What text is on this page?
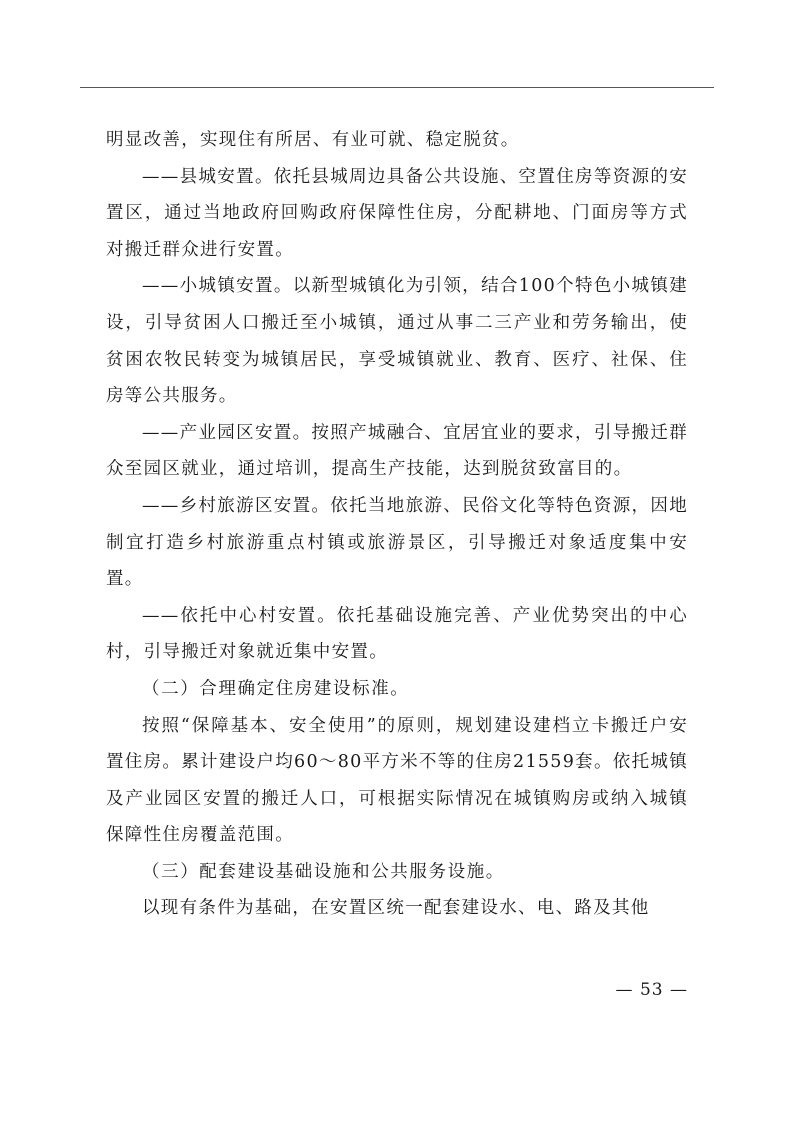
明显改善，实现住有所居、有业可就、稳定脱贫。

——县城安置。依托县城周边具备公共设施、空置住房等资源的安置区，通过当地政府回购政府保障性住房，分配耕地、门面房等方式对搬迁群众进行安置。

——小城镇安置。以新型城镇化为引领，结合100个特色小城镇建设，引导贫困人口搬迁至小城镇，通过从事二三产业和劳务输出，使贫困农牧民转变为城镇居民，享受城镇就业、教育、医疗、社保、住房等公共服务。

——产业园区安置。按照产城融合、宜居宜业的要求，引导搬迁群众至园区就业，通过培训，提高生产技能，达到脱贫致富目的。

——乡村旅游区安置。依托当地旅游、民俗文化等特色资源，因地制宜打造乡村旅游重点村镇或旅游景区，引导搬迁对象适度集中安置。

——依托中心村安置。依托基础设施完善、产业优势突出的中心村，引导搬迁对象就近集中安置。

（二）合理确定住房建设标准。

按照“保障基本、安全使用”的原则，规划建设建档立卡搬迁户安置住房。累计建设户均60～80平方米不等的住房21559套。依托城镇及产业园区安置的搬迁人口，可根据实际情况在城镇购房或纳入城镇保障性住房覆盖范围。

（三）配套建设基础设施和公共服务设施。

以现有条件为基础，在安置区统一配套建设水、电、路及其他

— 53 —
